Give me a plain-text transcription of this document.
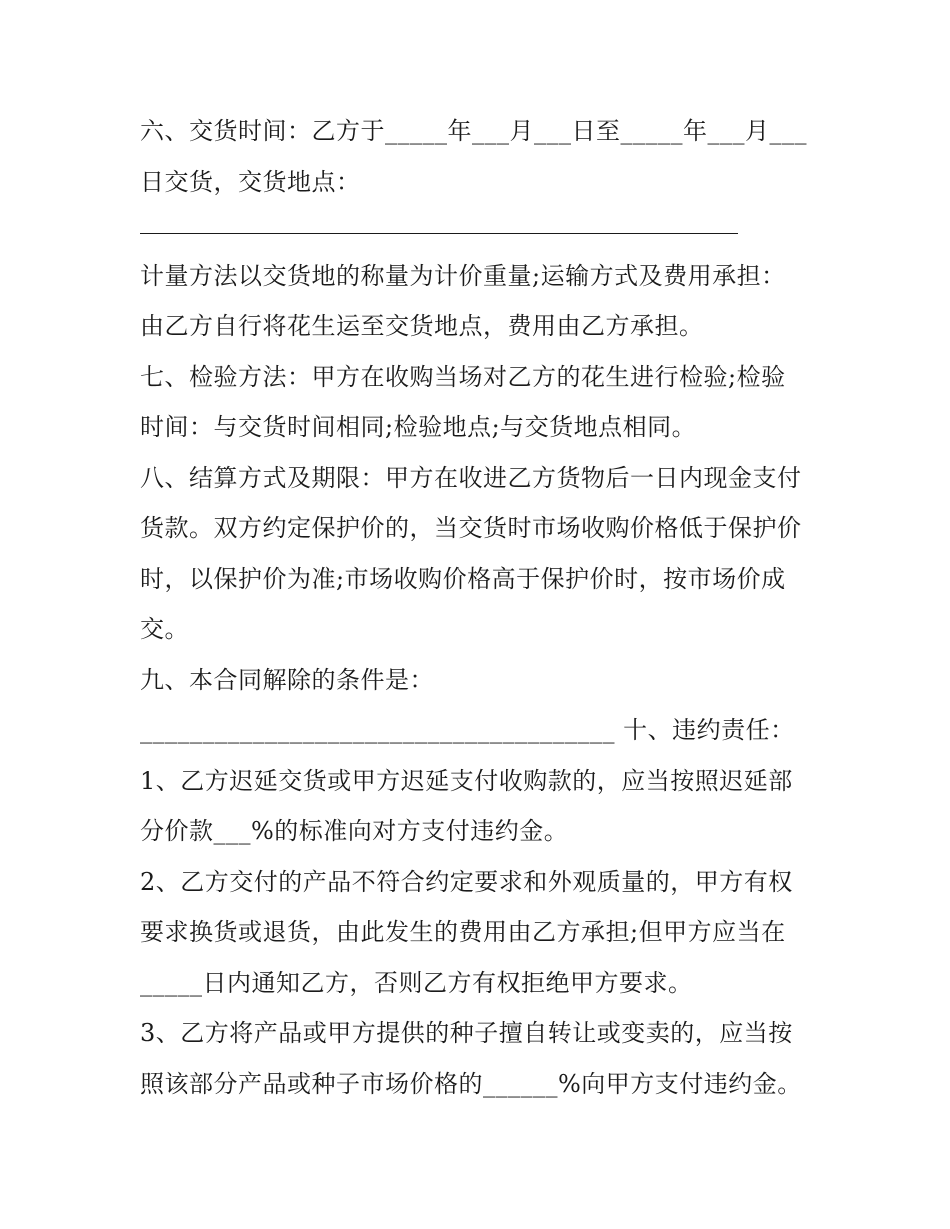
六、交货时间：乙方于_____年___月___日至_____年___月___
日交货，交货地点：
计量方法以交货地的称量为计价重量;运输方式及费用承担：
由乙方自行将花生运至交货地点，费用由乙方承担。
七、检验方法：甲方在收购当场对乙方的花生进行检验;检验
时间：与交货时间相同;检验地点;与交货地点相同。
八、结算方式及期限：甲方在收进乙方货物后一日内现金支付
货款。双方约定保护价的，当交货时市场收购价格低于保护价
时，以保护价为准;市场收购价格高于保护价时，按市场价成
交。
九、本合同解除的条件是：
______________________________________ 十、违约责任：
1、乙方迟延交货或甲方迟延支付收购款的，应当按照迟延部
分价款___%的标准向对方支付违约金。
2、乙方交付的产品不符合约定要求和外观质量的，甲方有权
要求换货或退货，由此发生的费用由乙方承担;但甲方应当在
_____日内通知乙方，否则乙方有权拒绝甲方要求。
3、乙方将产品或甲方提供的种子擅自转让或变卖的，应当按
照该部分产品或种子市场价格的______%向甲方支付违约金。
